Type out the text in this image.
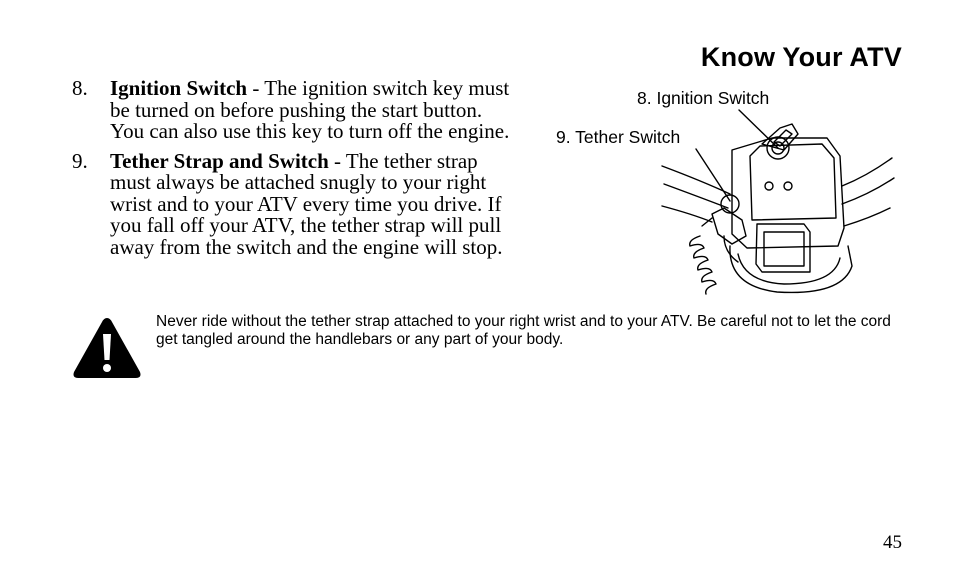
Know Your ATV
8.	Ignition Switch - The ignition switch key must be turned on before pushing the start button. You can also use this key to turn off the engine.
9.	Tether Strap and Switch - The tether strap must always be attached snugly to your right wrist and to your ATV every time you drive. If you fall off your ATV, the tether strap will pull away from the switch and the engine will stop.
8. Ignition Switch
9. Tether Switch
Never ride without the tether strap attached to your right wrist and to your ATV. Be careful not to let the cord get tangled around the handlebars or any part of your body.
45
